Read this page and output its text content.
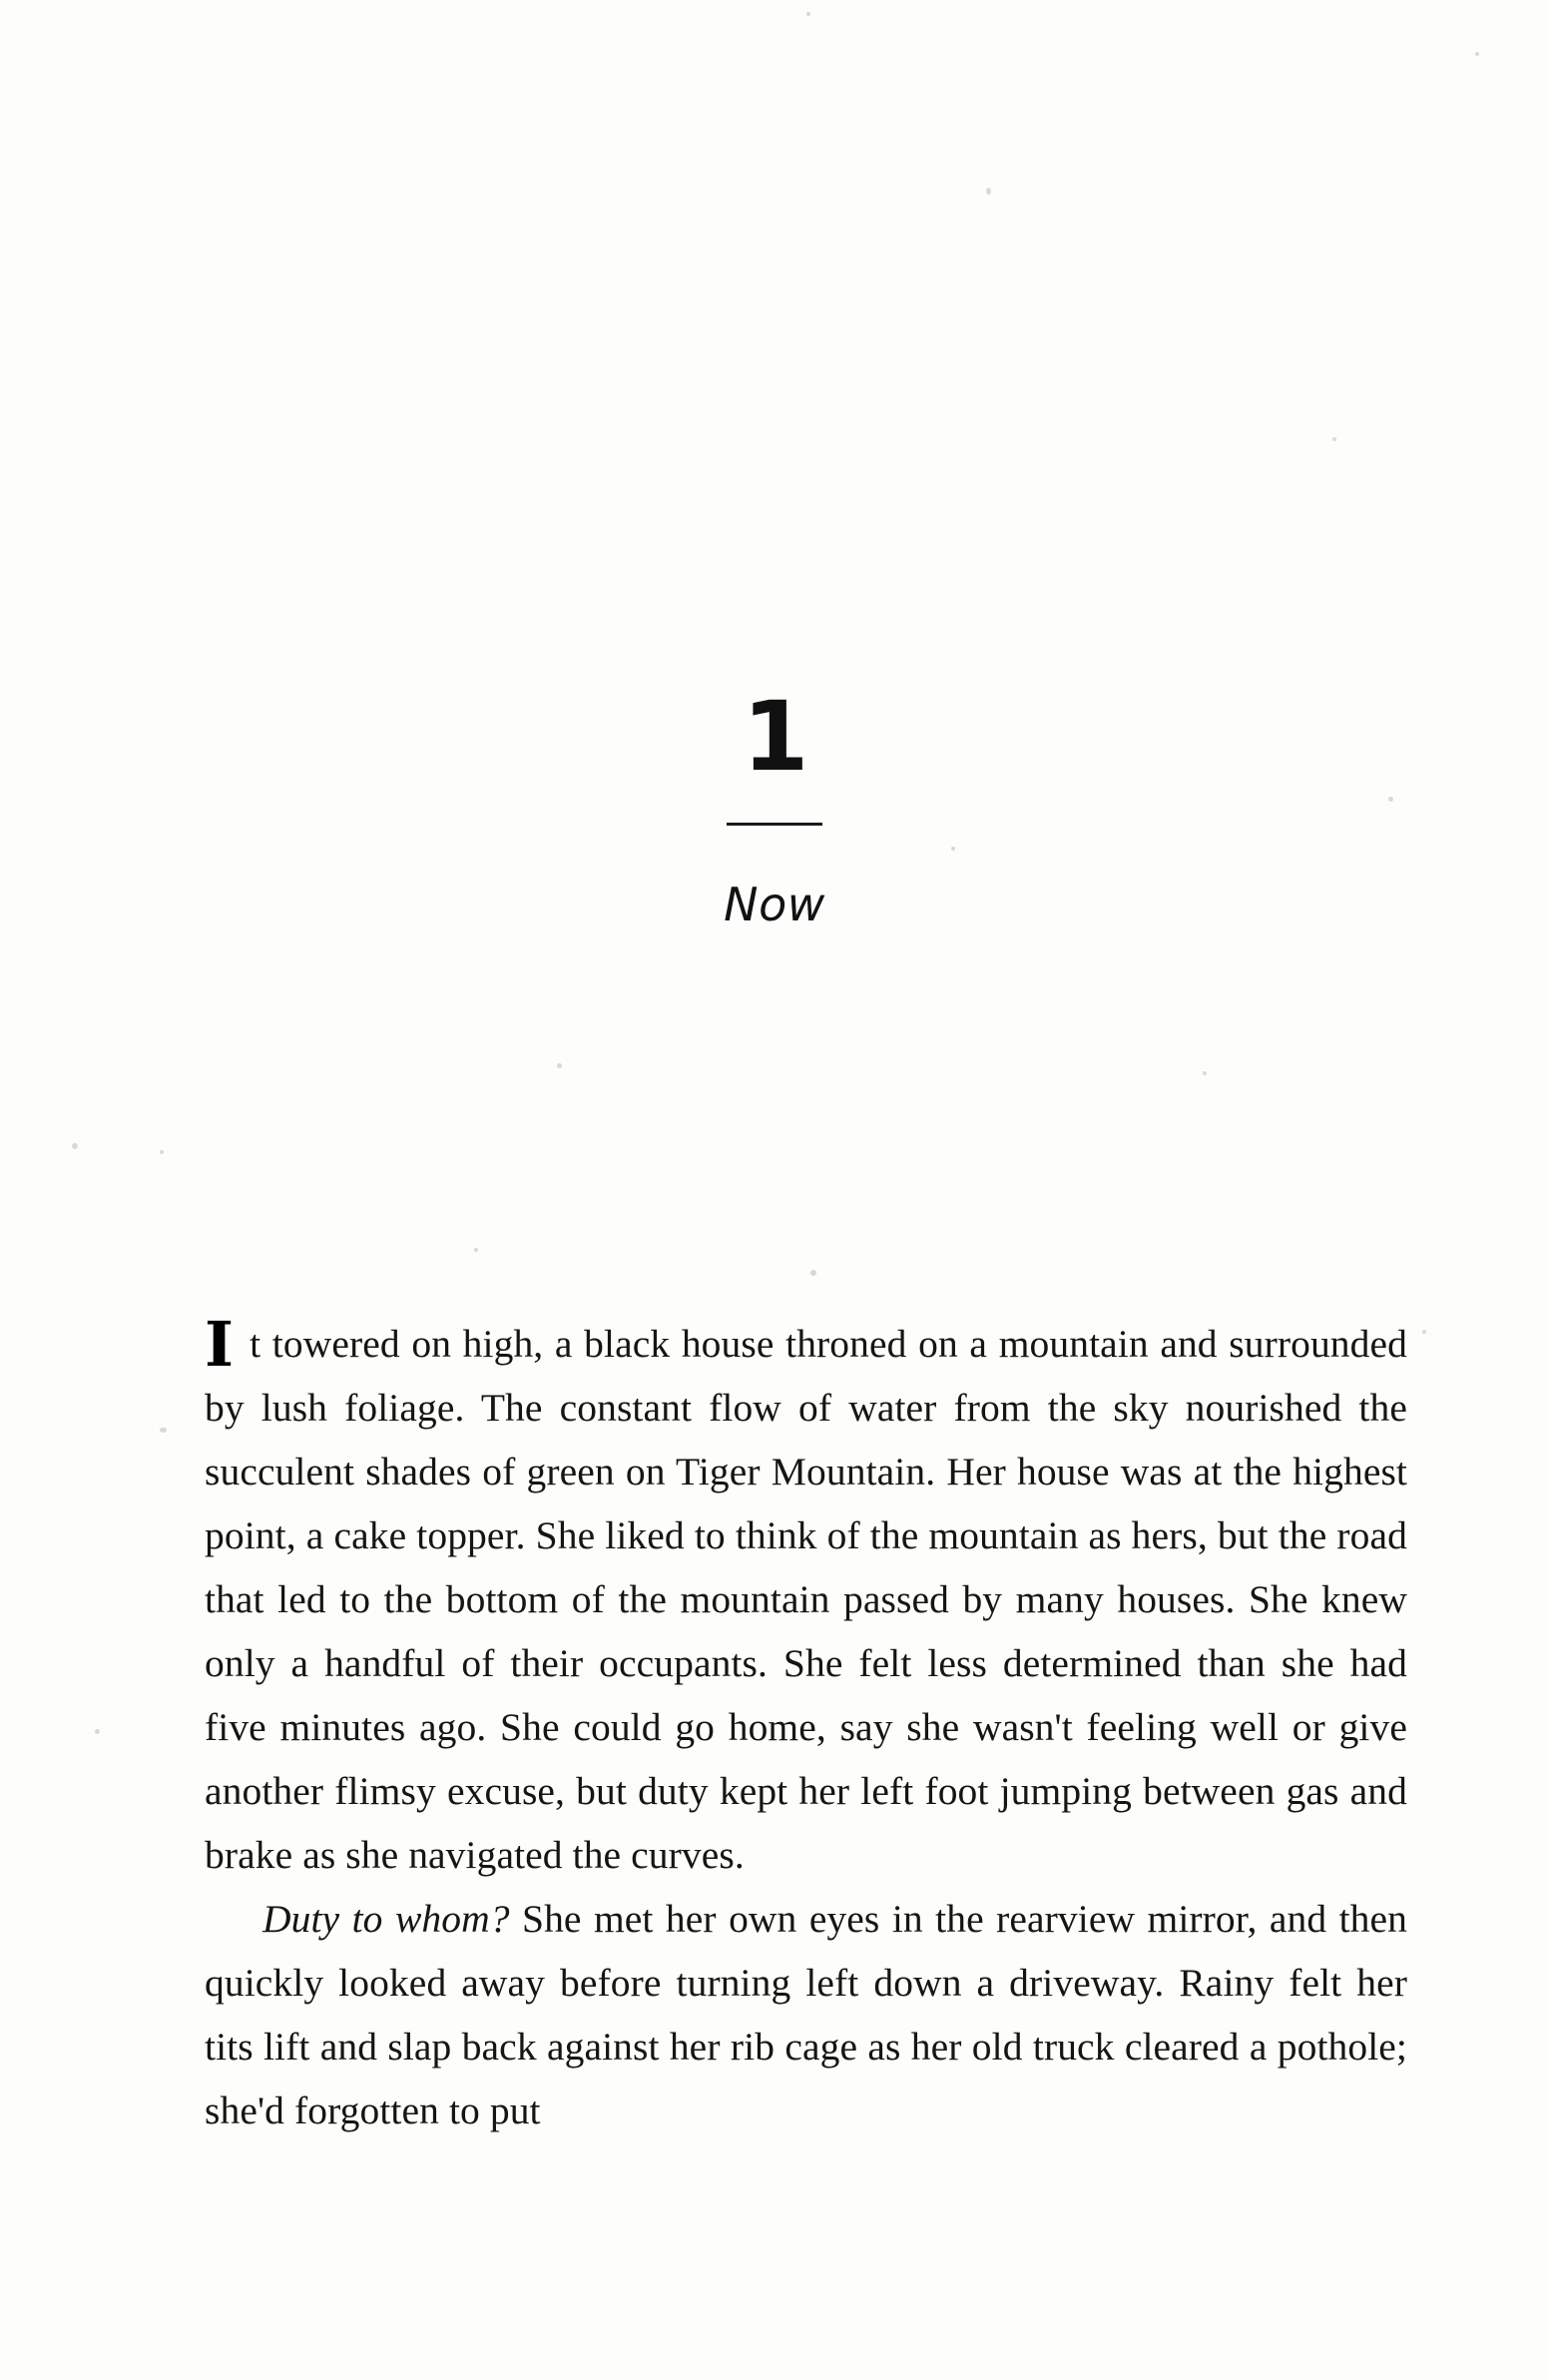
1
Now

It towered on high, a black house throned on a mountain and surrounded by lush foliage. The constant flow of water from the sky nourished the succulent shades of green on Tiger Mountain. Her house was at the highest point, a cake topper. She liked to think of the mountain as hers, but the road that led to the bottom of the mountain passed by many houses. She knew only a handful of their occupants. She felt less determined than she had five minutes ago. She could go home, say she wasn't feeling well or give another flimsy excuse, but duty kept her left foot jumping between gas and brake as she navigated the curves.

Duty to whom? She met her own eyes in the rearview mirror, and then quickly looked away before turning left down a driveway. Rainy felt her tits lift and slap back against her rib cage as her old truck cleared a pothole; she'd forgotten to put
